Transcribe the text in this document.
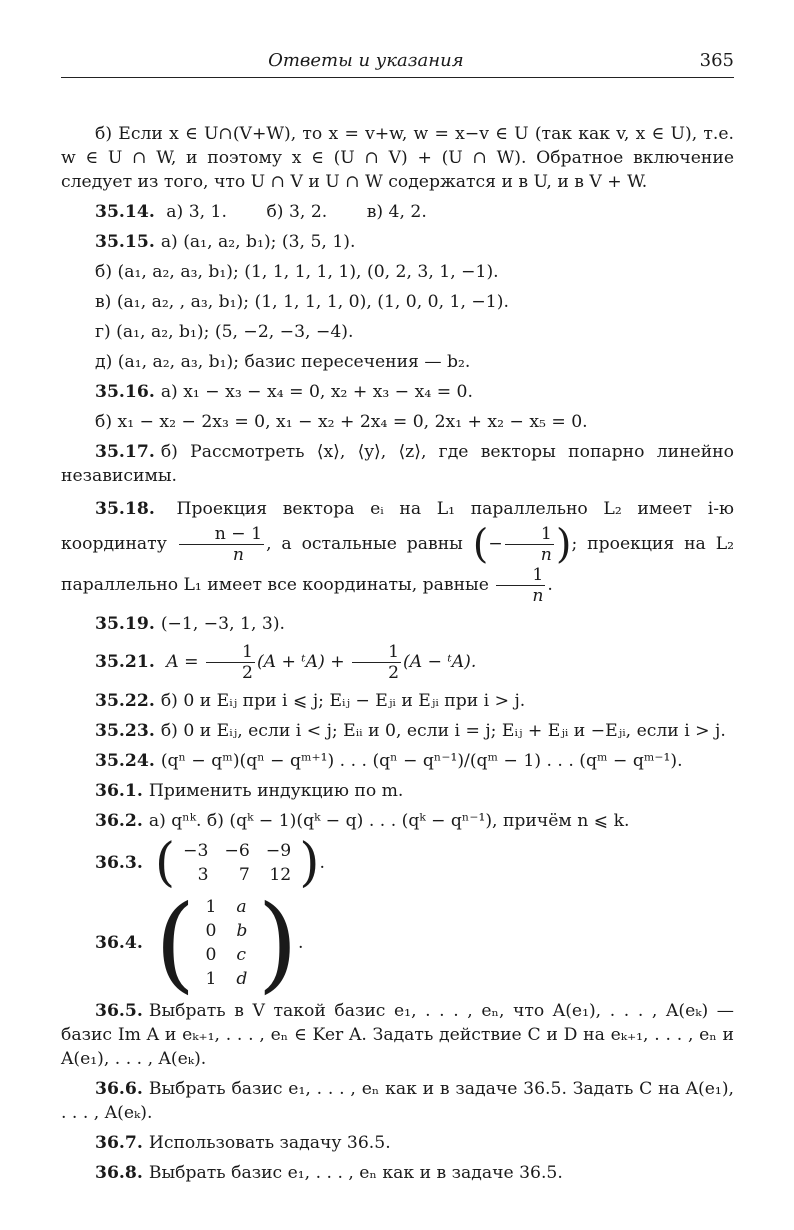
Ответы и указания	365

б) Если x ∈ U∩(V+W), то x = v+w, w = x−v ∈ U (так как v, x ∈ U), т.е. w ∈ U ∩ W, и поэтому x ∈ (U ∩ V) + (U ∩ W). Обратное включение следует из того, что U ∩ V и U ∩ W содержатся и в U, и в V + W.

35.14. а) 3, 1. б) 3, 2. в) 4, 2.

35.15. а) (a₁, a₂, b₁); (3, 5, 1).

б) (a₁, a₂, a₃, b₁); (1, 1, 1, 1, 1), (0, 2, 3, 1, −1).

в) (a₁, a₂, , a₃, b₁); (1, 1, 1, 1, 0), (1, 0, 0, 1, −1).

г) (a₁, a₂, b₁); (5, −2, −3, −4).

д) (a₁, a₂, a₃, b₁); базис пересечения — b₂.

35.16. а) x₁ − x₃ − x₄ = 0, x₂ + x₃ − x₄ = 0.

б) x₁ − x₂ − 2x₃ = 0, x₁ − x₂ + 2x₄ = 0, 2x₁ + x₂ − x₅ = 0.

35.17. б) Рассмотреть ⟨x⟩, ⟨y⟩, ⟨z⟩, где векторы попарно линейно независимы.

35.18. Проекция вектора eᵢ на L₁ параллельно L₂ имеет i-ю координату $\frac{n - 1}{n}$ , а остальные равны (− $\frac{1}{n}$ ); проекция на L₂ параллельно L₁ имеет все координаты, равные $\frac{1}{n}$ .

35.19. (−1, −3, 1, 3).

35.21. $A = \frac{1}{2} (A$ + ᵗA) + $\frac{1}{2} (A$ − ᵗA).

35.22. б) 0 и Eᵢⱼ при i ⩽ j; Eᵢⱼ − Eⱼᵢ и Eⱼᵢ при i > j.

35.23. б) 0 и Eᵢⱼ, если i < j; Eᵢᵢ и 0, если i = j; Eᵢⱼ + Eⱼᵢ и −Eⱼᵢ, если i > j.

35.24. (qⁿ − qᵐ)(qⁿ − qᵐ⁺¹) . . . (qⁿ − qⁿ⁻¹)/(qᵐ − 1) . . . (qᵐ − qᵐ⁻¹).

36.1. Применить индукцию по m.

36.2. а) qⁿᵏ. б) (qᵏ − 1)(qᵏ − q) . . . (qᵏ − qⁿ⁻¹), причём n ⩽ k.

36.3. ( −3	−6	−9
3	7	12 ) .
36.4. ( 1	a
0	b
0	c
1	d ) .

36.5. Выбрать в V такой базис e₁, . . . , eₙ, что A(e₁), . . . , A(eₖ) — базис Im A и eₖ₊₁, . . . , eₙ ∈ Ker A. Задать действие C и D на eₖ₊₁, . . . , eₙ и A(e₁), . . . , A(eₖ).

36.6. Выбрать базис e₁, . . . , eₙ как и в задаче 36.5. Задать C на A(e₁), . . . , A(eₖ).

36.7. Использовать задачу 36.5.

36.8. Выбрать базис e₁, . . . , eₙ как и в задаче 36.5.
